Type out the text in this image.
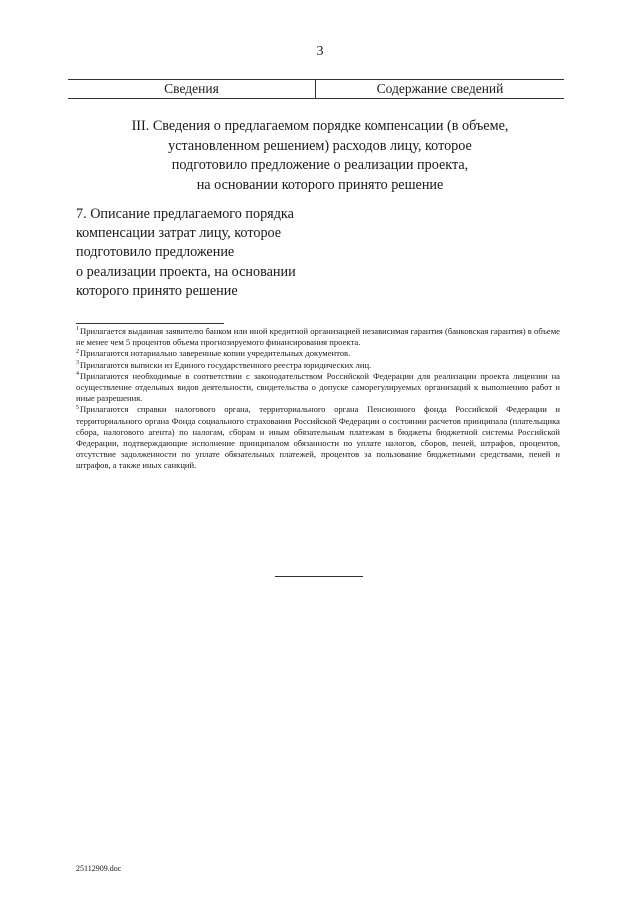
3
Сведения	Содержание сведений
III. Сведения о предлагаемом порядке компенсации (в объеме,
установленном решением) расходов лицу, которое
подготовило предложение о реализации проекта,
на основании которого принято решение
7. Описание предлагаемого порядка
компенсации затрат лицу, которое
подготовило предложение
о реализации проекта, на основании
которого принято решение

$^1$Прилагается выданная заявителю банком или иной кредитной организацией независимая гарантия (банковская гарантия) в объеме не менее чем 5 процентов объема прогнозируемого финансирования проекта.

$^2$Прилагаются нотариально заверенные копии учредительных документов.

$^3$Прилагаются выписки из Единого государственного реестра юридических лиц.

$^4$Прилагаются необходимые в соответствии с законодательством Российской Федерации для реализации проекта лицензии на осуществление отдельных видов деятельности, свидетельства о допуске саморегулируемых организаций к выполнению работ и иные разрешения.

$^5$Прилагаются справки налогового органа, территориального органа Пенсионного фонда Российской Федерации и территориального органа Фонда социального страхования Российской Федерации о состоянии расчетов принципала (плательщика сбора, налогового агента) по налогам, сборам и иным обязательным платежам в бюджеты бюджетной системы Российской Федерации, подтверждающие исполнение принципалом обязанности по уплате налогов, сборов, пеней, штрафов, процентов, отсутствие задолженности по уплате обязательных платежей, процентов за пользование бюджетными средствами, пеней и штрафов, а также иных санкций.

25112909.doc
